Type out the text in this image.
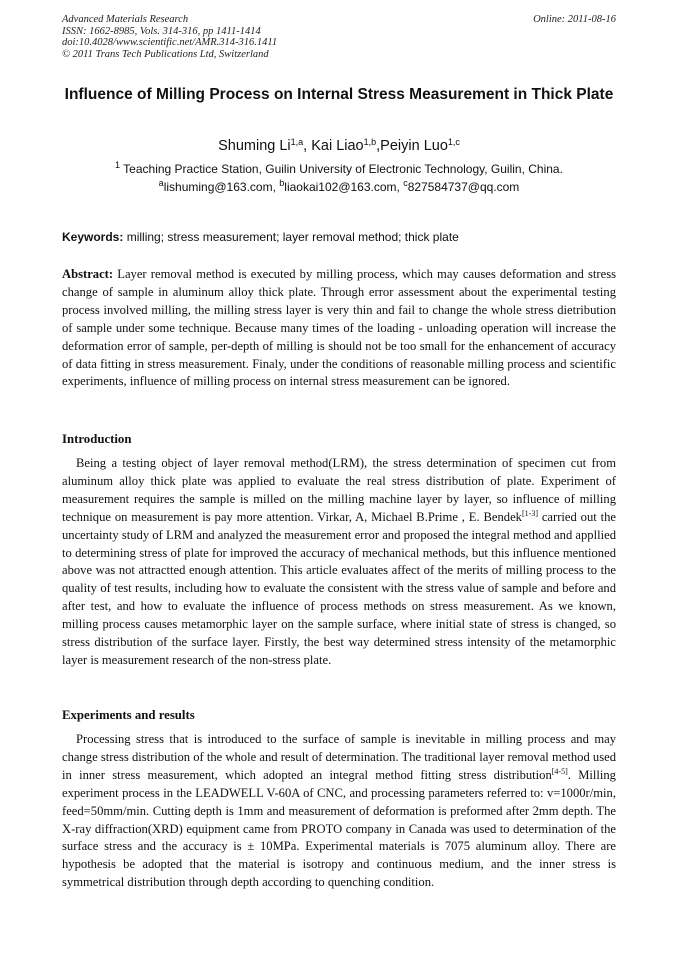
Advanced Materials Research
ISSN: 1662-8985, Vols. 314-316, pp 1411-1414
doi:10.4028/www.scientific.net/AMR.314-316.1411
© 2011 Trans Tech Publications Ltd, Switzerland
Online: 2011-08-16
Influence of Milling Process on Internal Stress Measurement in Thick Plate
Shuming Li$^{1,a}$, Kai Liao$^{1,b}$,Peiyin Luo$^{1,c}$
$^1$ Teaching Practice Station, Guilin University of Electronic Technology, Guilin, China.
$^a$lishuming@163.com, $^b$liaokai102@163.com, $^c$827584737@qq.com
Keywords: milling; stress measurement; layer removal method; thick plate
Abstract: Layer removal method is executed by milling process, which may causes deformation and stress change of sample in aluminum alloy thick plate. Through error assessment about the experimental testing process involved milling, the milling stress layer is very thin and fail to change the whole stress dietribution of sample under some technique. Because many times of the loading - unloading operation will increase the deformation error of sample, per-depth of milling is should not be too small for the enhancement of accuracy of data fitting in stress measurement. Finaly, under the conditions of reasonable milling process and scientific experiments, influence of milling process on internal stress measurement can be ignored.
Introduction
Being a testing object of layer removal method(LRM), the stress determination of specimen cut from aluminum alloy thick plate was applied to evaluate the real stress distribution of plate. Experiment of measurement requires the sample is milled on the milling machine layer by layer, so influence of milling technique on measurement is pay more attention. Virkar, A, Michael B.Prime , E. Bendek[1-3] carried out the uncertainty study of LRM and analyzed the measurement error and proposed the integral method and appllied to determining stress of plate for improved the accuracy of mechanical methods, but this influence mentioned above was not attractted enough attention. This article evaluates affect of the merits of milling process to the quality of test results, including how to evaluate the consistent with the stress value of sample and before and after test, and how to evaluate the influence of process methods on stress measurement. As we known, milling process causes metamorphic layer on the sample surface, where initial state of stress is changed, so stress distribution of the surface layer. Firstly, the best way determined stress intensity of the metamorphic layer is measurement research of the non-stress plate.
Experiments and results
Processing stress that is introduced to the surface of sample is inevitable in milling process and may change stress distribution of the whole and result of determination. The traditional layer removal method used in inner stress measurement, which adopted an integral method fitting stress distribution[4-5]. Milling experiment process in the LEADWELL V-60A of CNC, and processing parameters referred to: v=1000r/min, feed=50mm/min. Cutting depth is 1mm and measurement of deformation is preformed after 2mm depth. The X-ray diffraction(XRD) equipment came from PROTO company in Canada was used to determination of the surface stress and the accuracy is ± 10MPa. Experimental materials is 7075 aluminum alloy. There are hypothesis be adopted that the material is isotropy and continuous medium, and the inner stress is symmetrical distribution through depth according to quenching condition.
